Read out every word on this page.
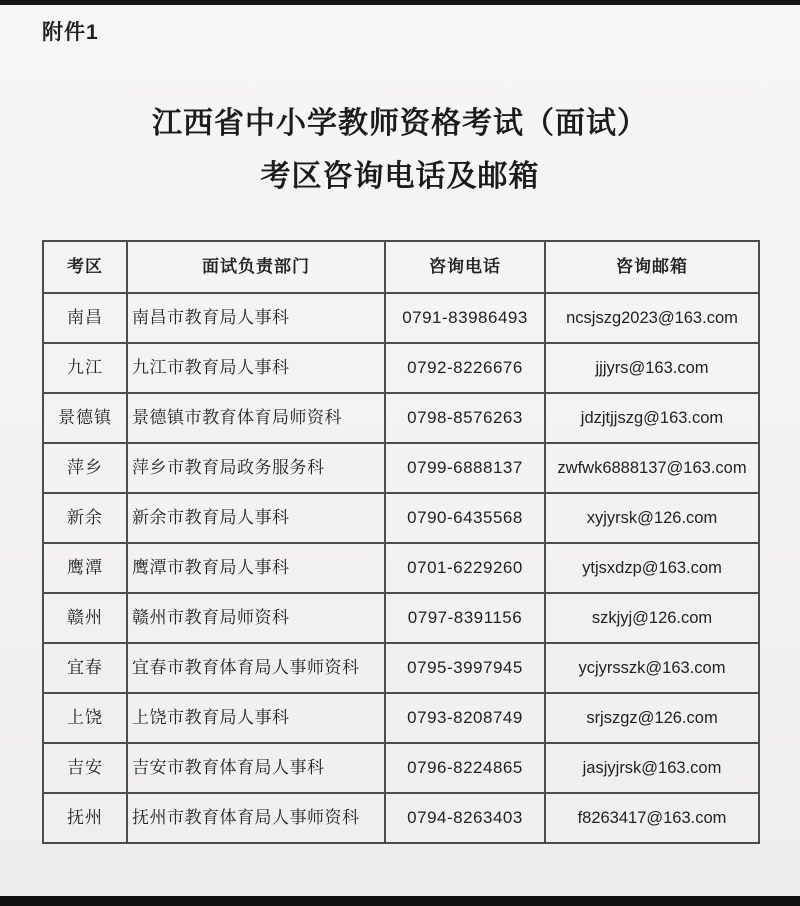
附件1
江西省中小学教师资格考试（面试）
考区咨询电话及邮箱
考区	面试负责部门	咨询电话	咨询邮箱
南昌	南昌市教育局人事科	0791-83986493	ncsjszg2023@163.com
九江	九江市教育局人事科	0792-8226676	jjjyrs@163.com
景德镇	景德镇市教育体育局师资科	0798-8576263	jdzjtjjszg@163.com
萍乡	萍乡市教育局政务服务科	0799-6888137	zwfwk6888137@163.com
新余	新余市教育局人事科	0790-6435568	xyjyrsk@126.com
鹰潭	鹰潭市教育局人事科	0701-6229260	ytjsxdzp@163.com
赣州	赣州市教育局师资科	0797-8391156	szkjyj@126.com
宜春	宜春市教育体育局人事师资科	0795-3997945	ycjyrsszk@163.com
上饶	上饶市教育局人事科	0793-8208749	srjszgz@126.com
吉安	吉安市教育体育局人事科	0796-8224865	jasjyjrsk@163.com
抚州	抚州市教育体育局人事师资科	0794-8263403	f8263417@163.com
